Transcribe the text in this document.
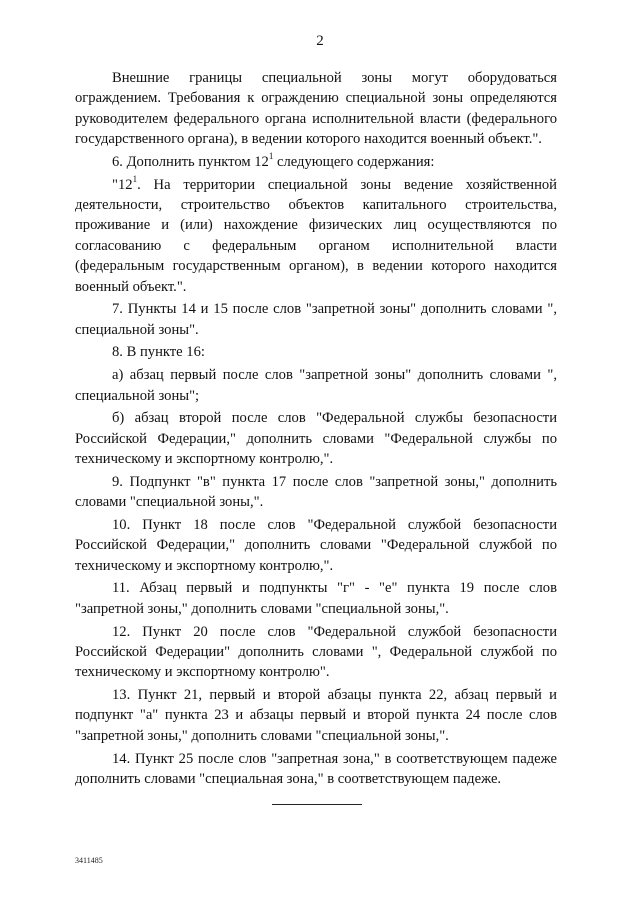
2

Внешние границы специальной зоны могут оборудоваться ограждением. Требования к ограждению специальной зоны определяются руководителем федерального органа исполнительной власти (федерального государственного органа), в ведении которого находится военный объект.".

6. Дополнить пунктом $12^1$ следующего содержания:

"$12^1$. На территории специальной зоны ведение хозяйственной деятельности, строительство объектов капитального строительства, проживание и (или) нахождение физических лиц осуществляются по согласованию с федеральным органом исполнительной власти (федеральным государственным органом), в ведении которого находится военный объект.".

7. Пункты 14 и 15 после слов "запретной зоны" дополнить словами ", специальной зоны".

8. В пункте 16:

а) абзац первый после слов "запретной зоны" дополнить словами ", специальной зоны";

б) абзац второй после слов "Федеральной службы безопасности Российской Федерации," дополнить словами "Федеральной службы по техническому и экспортному контролю,".

9. Подпункт "в" пункта 17 после слов "запретной зоны," дополнить словами "специальной зоны,".

10. Пункт 18 после слов "Федеральной службой безопасности Российской Федерации," дополнить словами "Федеральной службой по техническому и экспортному контролю,".

11. Абзац первый и подпункты "г" - "е" пункта 19 после слов "запретной зоны," дополнить словами "специальной зоны,".

12. Пункт 20 после слов "Федеральной службой безопасности Российской Федерации" дополнить словами ", Федеральной службой по техническому и экспортному контролю".

13. Пункт 21, первый и второй абзацы пункта 22, абзац первый и подпункт "а" пункта 23 и абзацы первый и второй пункта 24 после слов "запретной зоны," дополнить словами "специальной зоны,".

14. Пункт 25 после слов "запретная зона," в соответствующем падеже дополнить словами "специальная зона," в соответствующем падеже.

3411485
